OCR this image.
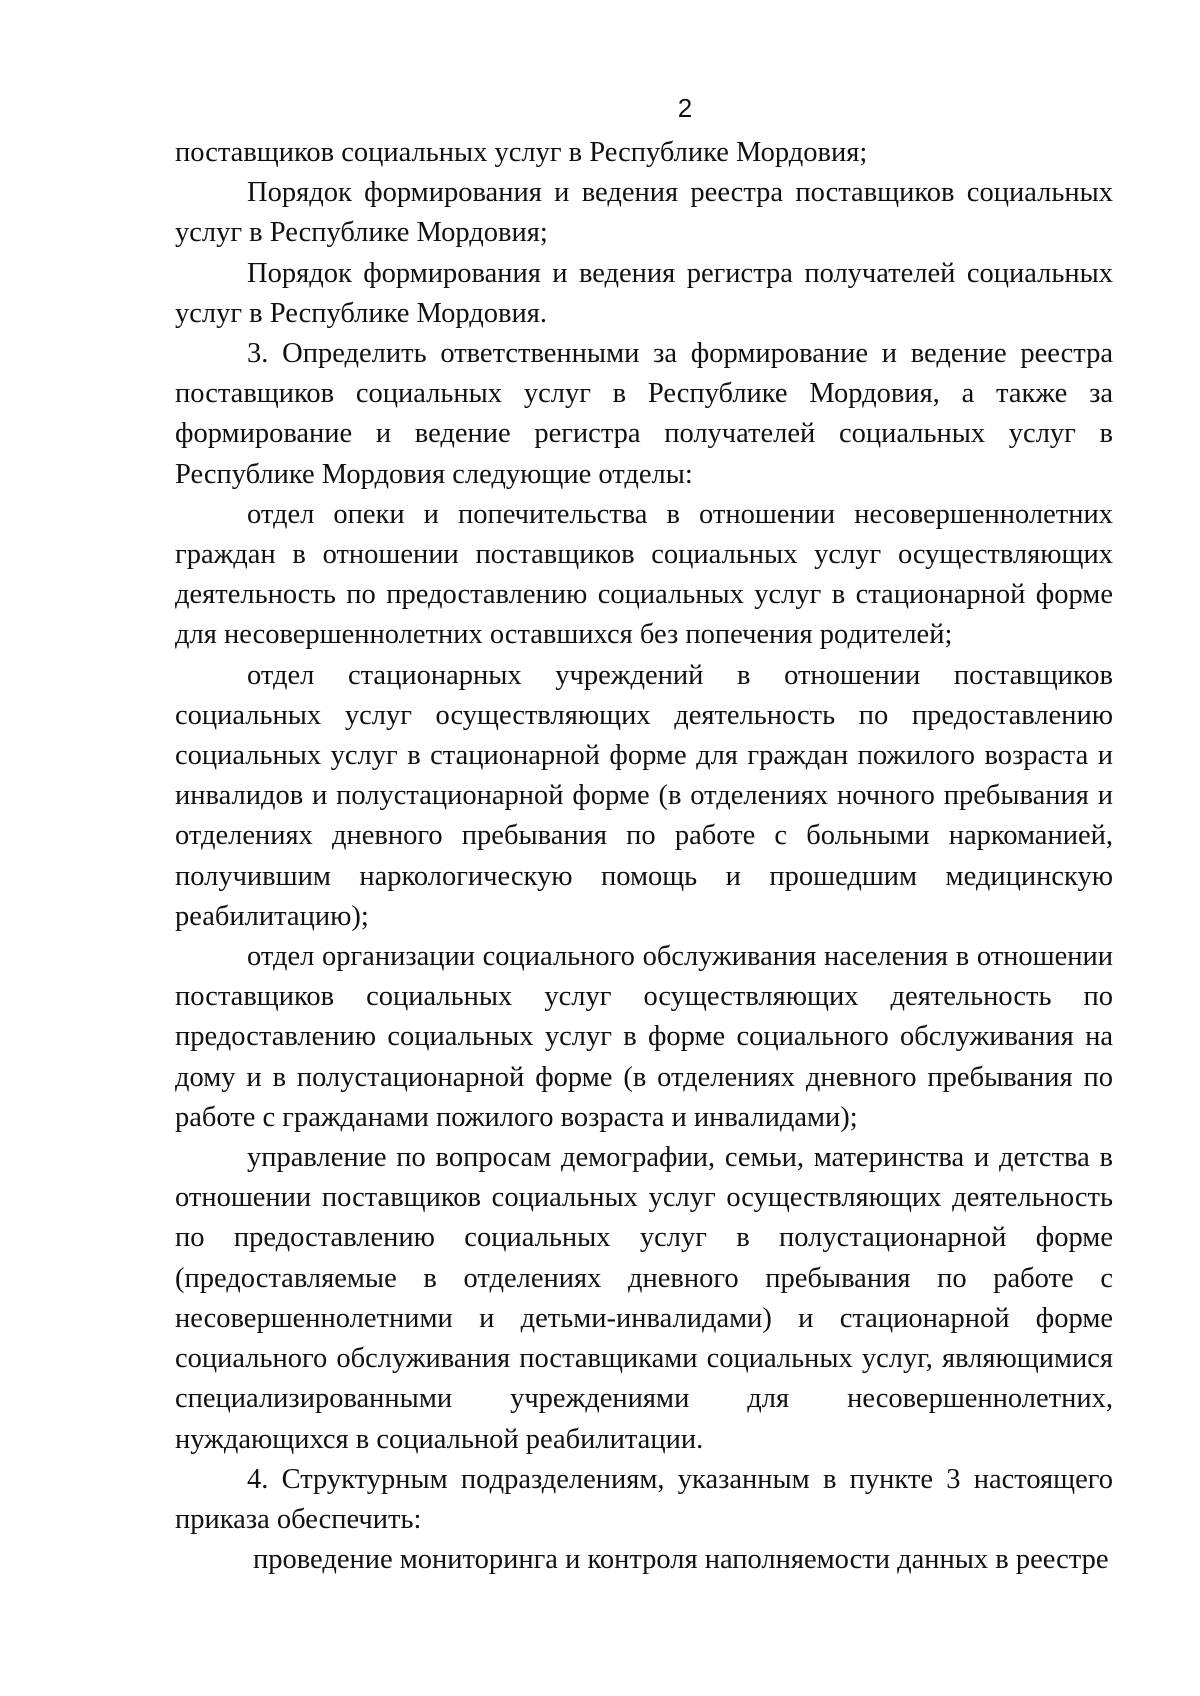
2

поставщиков социальных услуг в Республике Мордовия;

Порядок формирования и ведения реестра поставщиков социальных услуг в Республике Мордовия;

Порядок формирования и ведения регистра получателей социальных услуг в Республике Мордовия.

3. Определить ответственными за формирование и ведение реестра поставщиков социальных услуг в Республике Мордовия, а также за формирование и ведение регистра получателей социальных услуг в Республике Мордовия следующие отделы:

отдел опеки и попечительства в отношении несовершеннолетних граждан в отношении поставщиков социальных услуг осуществляющих деятельность по предоставлению социальных услуг в стационарной форме для несовершеннолетних оставшихся без попечения родителей;

отдел стационарных учреждений в отношении поставщиков социальных услуг осуществляющих деятельность по предоставлению социальных услуг в стационарной форме для граждан пожилого возраста и инвалидов и полустационарной форме (в отделениях ночного пребывания и отделениях дневного пребывания по работе с больными наркоманией, получившим наркологическую помощь и прошедшим медицинскую реабилитацию);

отдел организации социального обслуживания населения в отношении поставщиков социальных услуг осуществляющих деятельность по предоставлению социальных услуг в форме социального обслуживания на дому и в полустационарной форме (в отделениях дневного пребывания по работе с гражданами пожилого возраста и инвалидами);

управление по вопросам демографии, семьи, материнства и детства в отношении поставщиков социальных услуг осуществляющих деятельность по предоставлению социальных услуг в полустационарной форме (предоставляемые в отделениях дневного пребывания по работе с несовершеннолетними и детьми-инвалидами) и стационарной форме социального обслуживания поставщиками социальных услуг, являющимися специализированными учреждениями для несовершеннолетних, нуждающихся в социальной реабилитации.

4. Структурным подразделениям, указанным в пункте 3 настоящего приказа обеспечить:

проведение мониторинга и контроля наполняемости данных в реестре
